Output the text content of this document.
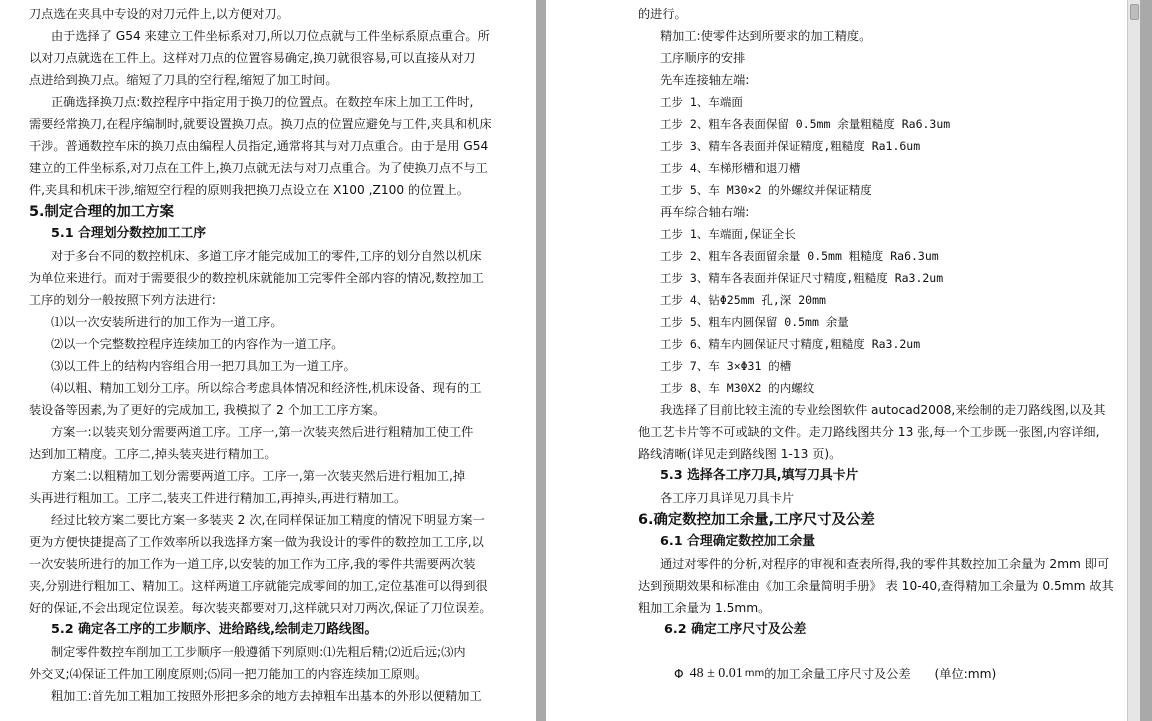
刀点选在夹具中专设的对刀元件上,以方便对刀。
由于选择了 G54 来建立工件坐标系对刀,所以刀位点就与工件坐标系原点重合。所
以对刀点就选在工件上。这样对刀点的位置容易确定,换刀就很容易,可以直接从对刀
点进给到换刀点。缩短了刀具的空行程,缩短了加工时间。
正确选择换刀点:数控程序中指定用于换刀的位置点。在数控车床上加工工件时,
需要经常换刀,在程序编制时,就要设置换刀点。换刀点的位置应避免与工件,夹具和机床
干涉。普通数控车床的换刀点由编程人员指定,通常将其与对刀点重合。由于是用 G54
建立的工件坐标系,对刀点在工件上,换刀点就无法与对刀点重合。为了使换刀点不与工
件,夹具和机床干涉,缩短空行程的原则我把换刀点设立在 X100 ,Z100 的位置上。
5.制定合理的加工方案
5.1 合理划分数控加工工序
对于多台不同的数控机床、多道工序才能完成加工的零件,工序的划分自然以机床
为单位来进行。而对于需要很少的数控机床就能加工完零件全部内容的情况,数控加工
工序的划分一般按照下列方法进行:
⑴以一次安装所进行的加工作为一道工序。
⑵以一个完整数控程序连续加工的内容作为一道工序。
⑶以工件上的结构内容组合用一把刀具加工为一道工序。
⑷以粗、精加工划分工序。所以综合考虑具体情况和经济性,机床设备、现有的工
装设备等因素,为了更好的完成加工, 我模拟了 2 个加工工序方案。
方案一:以装夹划分需要两道工序。工序一,第一次装夹然后进行粗精加工使工件
达到加工精度。工序二,掉头装夹进行精加工。
方案二:以粗精加工划分需要两道工序。工序一,第一次装夹然后进行粗加工,掉
头再进行粗加工。工序二,装夹工件进行精加工,再掉头,再进行精加工。
经过比较方案二要比方案一多装夹 2 次,在同样保证加工精度的情况下明显方案一
更为方便快捷提高了工作效率所以我选择方案一做为我设计的零件的数控加工工序,以
一次安装所进行的加工作为一道工序,以安装的加工作为工序,我的零件共需要两次装
夹,分别进行粗加工、精加工。这样两道工序就能完成零间的加工,定位基准可以得到很
好的保证,不会出现定位误差。每次装夹都要对刀,这样就只对刀两次,保证了刀位误差。
5.2 确定各工序的工步顺序、进给路线,绘制走刀路线图。
制定零件数控车削加工工步顺序一般遵循下列原则:⑴先粗后精;⑵近后远;⑶内
外交叉;⑷保证工件加工刚度原则;⑸同一把刀能加工的内容连续加工原则。
粗加工:首先加工粗加工按照外形把多余的地方去掉粗车出基本的外形以便精加工
的进行。
精加工:使零件达到所要求的加工精度。
工序顺序的安排
先车连接轴左端:
工步 1、车端面
工步 2、粗车各表面保留 0.5mm 余量粗糙度 Ra6.3um
工步 3、精车各表面并保证精度,粗糙度 Ra1.6um
工步 4、车梯形槽和退刀槽
工步 5、车 M30×2 的外螺纹并保证精度
再车综合轴右端:
工步 1、车端面,保证全长
工步 2、粗车各表面留余量 0.5mm 粗糙度 Ra6.3um
工步 3、精车各表面并保证尺寸精度,粗糙度 Ra3.2um
工步 4、钻Φ25mm 孔,深 20mm
工步 5、粗车内圆保留 0.5mm 余量
工步 6、精车内圆保证尺寸精度,粗糙度 Ra3.2um
工步 7、车 3×Φ31 的槽
工步 8、车 M30X2 的内螺纹
我选择了目前比较主流的专业绘图软件 autocad2008,来绘制的走刀路线图,以及其
他工艺卡片等不可或缺的文件。走刀路线图共分 13 张,每一个工步既一张图,内容详细,
路线清晰(详见走到路线图 1-13 页)。
5.3 选择各工序刀具,填写刀具卡片
各工序刀具详见刀具卡片
6.确定数控加工余量,工序尺寸及公差
6.1 合理确定数控加工余量
通过对零件的分析,对程序的审视和查表所得,我的零件其数控加工余量为 2mm 即可
达到预期效果和标准由《加工余量简明手册》 表 10-40,查得精加工余量为 0.5mm 故其
粗加工余量为 1.5mm。
6.2 确定工序尺寸及公差
Φ 48 ± 0.01 mm 的加工余量工序尺寸及公差 (单位:mm)
